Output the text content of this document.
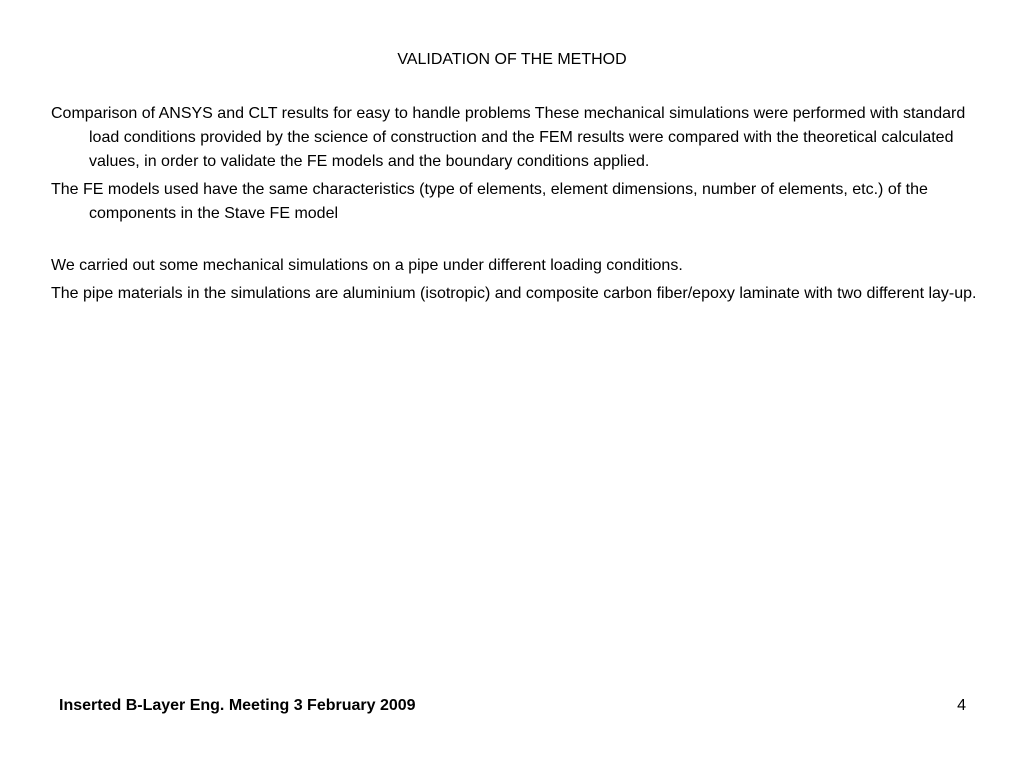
VALIDATION OF THE METHOD

Comparison of ANSYS and CLT results for easy to handle problems These mechanical simulations were performed with standard  load conditions provided by the science of construction and the FEM results were compared with the theoretical calculated values, in order to validate the FE models and the boundary conditions applied.

The FE models used have the same characteristics (type of elements, element dimensions, number of elements, etc.) of the components in the Stave FE model

We carried out some mechanical simulations on a pipe under different loading conditions.

The pipe materials in the simulations are aluminium (isotropic) and composite carbon fiber/epoxy laminate with two different lay-up.

Inserted B-Layer Eng. Meeting 3 February 2009	4
